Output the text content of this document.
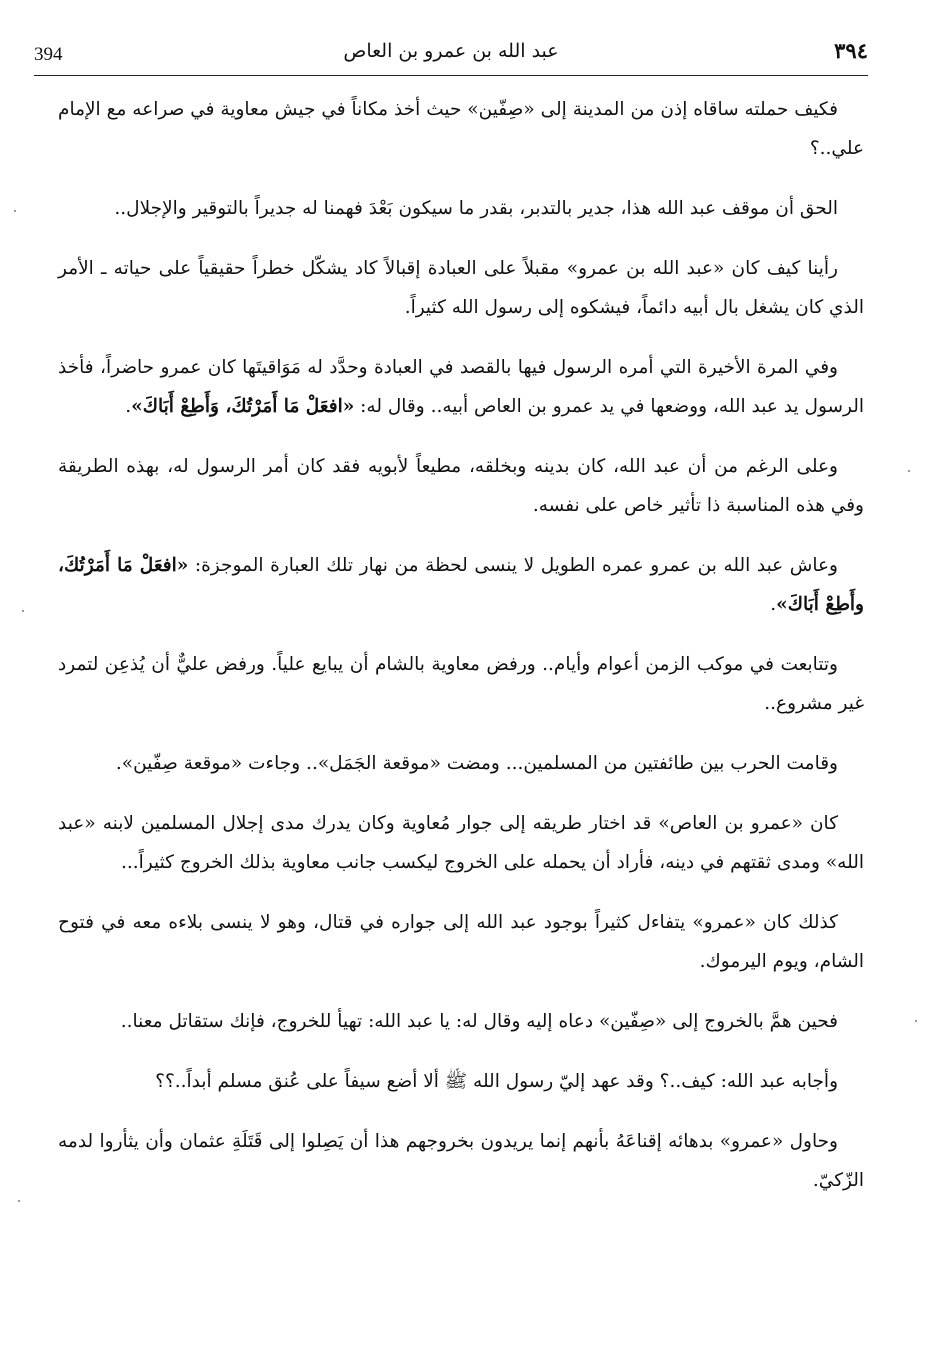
394	عبد الله بن عمرو بن العاص	٣٩٤

فكيف حملته ساقاه إذن من المدينة إلى «صِفّين» حيث أخذ مكاناً في جيش معاوية في صراعه مع الإمام علي..؟

الحق أن موقف عبد الله هذا، جدير بالتدبر، بقدر ما سيكون بَعْدَ فهمنا له جديراً بالتوقير والإجلال..

رأينا كيف كان «عبد الله بن عمرو» مقبلاً على العبادة إقبالاً كاد يشكّل خطراً حقيقياً على حياته ـ الأمر الذي كان يشغل بال أبيه دائماً، فيشكوه إلى رسول الله كثيراً.

وفي المرة الأخيرة التي أمره الرسول فيها بالقصد في العبادة وحدَّد له مَوَاقيتَها كان عمرو حاضراً، فأخذ الرسول يد عبد الله، ووضعها في يد عمرو بن العاص أبيه.. وقال له: «افعَلْ مَا أَمَرْتُكَ، وَأَطِعْ أَبَاكَ».

وعلى الرغم من أن عبد الله، كان بدينه وبخلقه، مطيعاً لأبويه فقد كان أمر الرسول له، بهذه الطريقة وفي هذه المناسبة ذا تأثير خاص على نفسه.

وعاش عبد الله بن عمرو عمره الطويل لا ينسى لحظة من نهار تلك العبارة الموجزة: «افعَلْ مَا أَمَرْتُكَ، وأَطِعْ أَبَاكَ».

وتتابعت في موكب الزمن أعوام وأيام.. ورفض معاوية بالشام أن يبايع علياً. ورفض عليٌّ أن يُذعِن لتمرد غير مشروع..

وقامت الحرب بين طائفتين من المسلمين... ومضت «موقعة الجَمَل».. وجاءت «موقعة صِفّين».

كان «عمرو بن العاص» قد اختار طريقه إلى جوار مُعاوية وكان يدرك مدى إجلال المسلمين لابنه «عبد الله» ومدى ثقتهم في دينه، فأراد أن يحمله على الخروج ليكسب جانب معاوية بذلك الخروج كثيراً...

كذلك كان «عمرو» يتفاءل كثيراً بوجود عبد الله إلى جواره في قتال، وهو لا ينسى بلاءه معه في فتوح الشام، ويوم اليرموك.

فحين همَّ بالخروج إلى «صِفّين» دعاه إليه وقال له: يا عبد الله: تهيأ للخروج، فإنك ستقاتل معنا..

وأجابه عبد الله: كيف..؟ وقد عهد إليّ رسول الله ﷺ ألا أضع سيفاً على عُنق مسلم أبداً..؟؟

وحاول «عمرو» بدهائه إقناعَهُ بأنهم إنما يريدون بخروجهم هذا أن يَصِلوا إلى قَتَلَةِ عثمان وأن يثأروا لدمه الزّكيّ.
